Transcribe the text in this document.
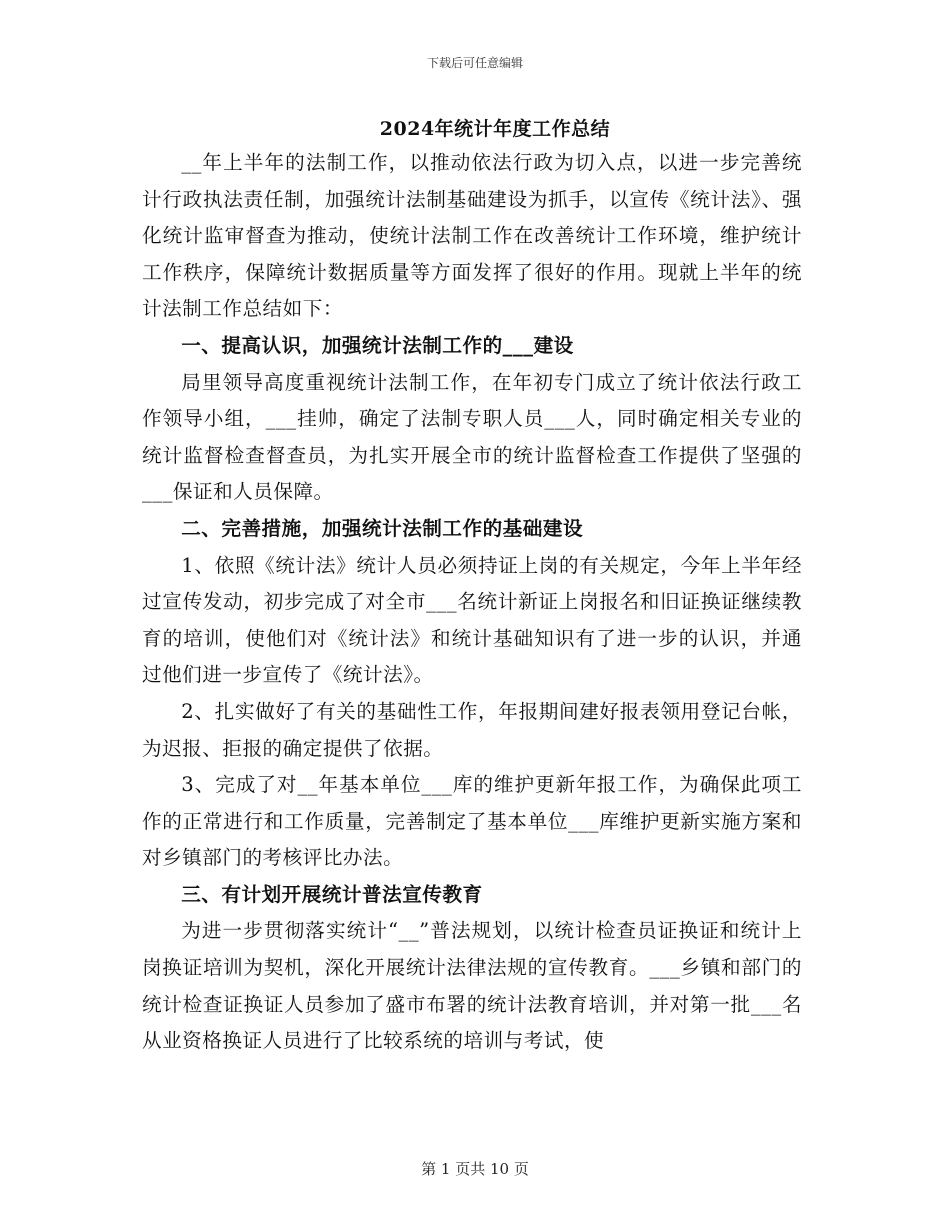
下载后可任意编辑
2024年统计年度工作总结

__年上半年的法制工作，以推动依法行政为切入点，以进一步完善统计行政执法责任制，加强统计法制基础建设为抓手，以宣传《统计法》、强化统计监审督查为推动，使统计法制工作在改善统计工作环境，维护统计工作秩序，保障统计数据质量等方面发挥了很好的作用。现就上半年的统计法制工作总结如下：

一、提高认识，加强统计法制工作的___建设

局里领导高度重视统计法制工作，在年初专门成立了统计依法行政工作领导小组，___挂帅，确定了法制专职人员___人，同时确定相关专业的统计监督检查督查员，为扎实开展全市的统计监督检查工作提供了坚强的___保证和人员保障。

二、完善措施，加强统计法制工作的基础建设

1、依照《统计法》统计人员必须持证上岗的有关规定，今年上半年经过宣传发动，初步完成了对全市___名统计新证上岗报名和旧证换证继续教育的培训，使他们对《统计法》和统计基础知识有了进一步的认识，并通过他们进一步宣传了《统计法》。

2、扎实做好了有关的基础性工作，年报期间建好报表领用登记台帐，为迟报、拒报的确定提供了依据。

3、完成了对__年基本单位___库的维护更新年报工作，为确保此项工作的正常进行和工作质量，完善制定了基本单位___库维护更新实施方案和对乡镇部门的考核评比办法。

三、有计划开展统计普法宣传教育

为进一步贯彻落实统计“__”普法规划，以统计检查员证换证和统计上岗换证培训为契机，深化开展统计法律法规的宣传教育。___乡镇和部门的统计检查证换证人员参加了盛市布署的统计法教育培训，并对第一批___名从业资格换证人员进行了比较系统的培训与考试，使

第 1 页共 10 页
